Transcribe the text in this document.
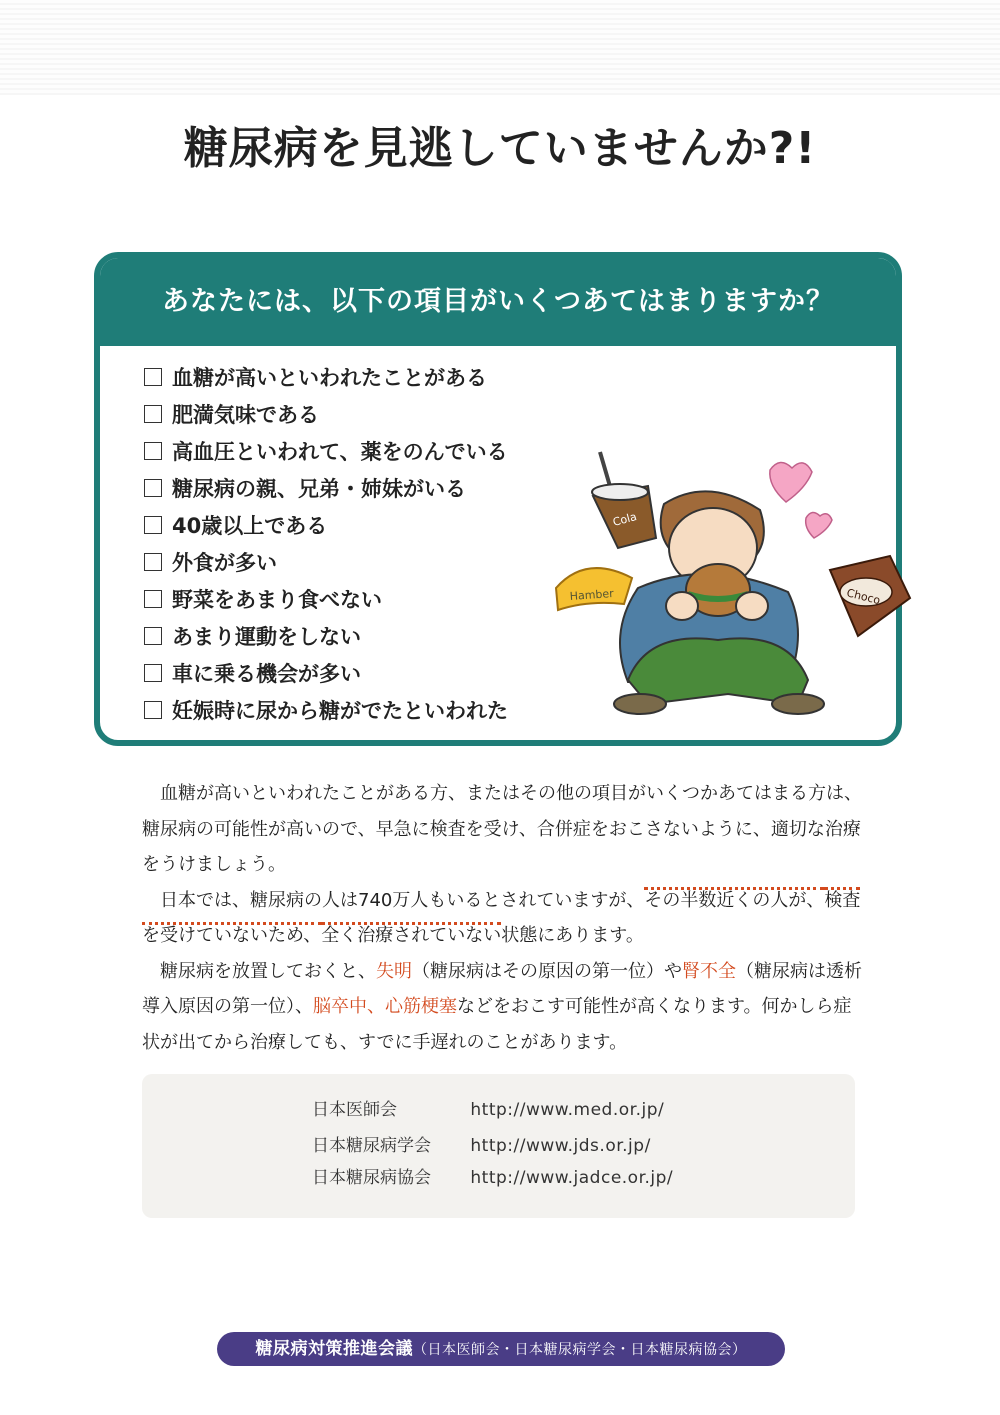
糖尿病を見逃していませんか?!
あなたには、以下の項目がいくつあてはまりますか？
血糖が高いといわれたことがある
肥満気味である
高血圧といわれて、薬をのんでいる
糖尿病の親、兄弟・姉妹がいる
40歳以上である
外食が多い
野菜をあまり食べない
あまり運動をしない
車に乗る機会が多い
妊娠時に尿から糖がでたといわれた
Cola
Hamber	Choco

血糖が高いといわれたことがある方、またはその他の項目がいくつかあてはまる方は、糖尿病の可能性が高いので、早急に検査を受け、合併症をおこさないように、適切な治療をうけましょう。

日本では、糖尿病の人は740万人もいるとされていますが、その半数近くの人が、検査を受けていないため、全く治療されていない状態にあります。

糖尿病を放置しておくと、失明（糖尿病はその原因の第一位）や腎不全（糖尿病は透析導入原因の第一位）、脳卒中、心筋梗塞などをおこす可能性が高くなります。何かしら症状が出てから治療しても、すでに手遅れのことがあります。

日本医師会	http://www.med.or.jp/
日本糖尿病学会 http://www.jds.or.jp/
日本糖尿病協会 http://www.jadce.or.jp/
糖尿病対策推進会議（日本医師会・日本糖尿病学会・日本糖尿病協会）
